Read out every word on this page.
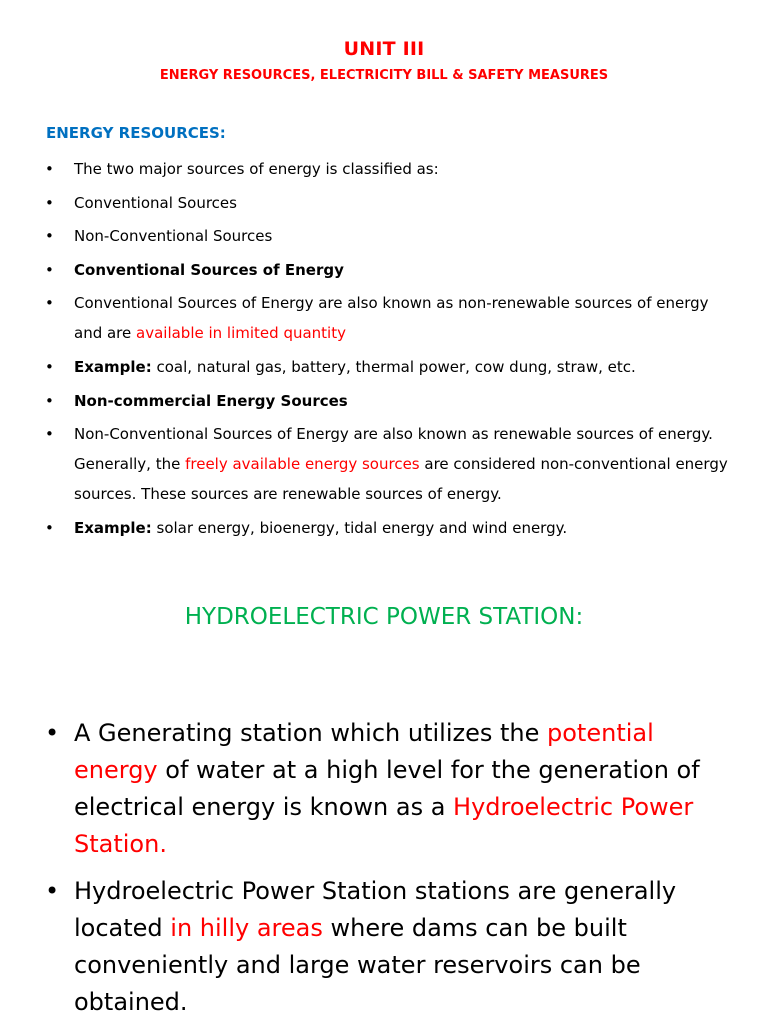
UNIT III
ENERGY RESOURCES, ELECTRICITY BILL & SAFETY MEASURES
ENERGY RESOURCES:
• The two major sources of energy is classified as:
• Conventional Sources
• Non-Conventional Sources
• Conventional Sources of Energy
• Conventional Sources of Energy are also known as non-renewable sources of energy and are available in limited quantity
• Example: coal, natural gas, battery, thermal power, cow dung, straw, etc.
• Non-commercial Energy Sources
• Non-Conventional Sources of Energy are also known as renewable sources of energy. Generally, the freely available energy sources are considered non-conventional energy sources. These sources are renewable sources of energy.
• Example: solar energy, bioenergy, tidal energy and wind energy.
HYDROELECTRIC POWER STATION:
• A Generating station which utilizes the potential energy of water at a high level for the generation of electrical energy is known as a Hydroelectric Power Station.
• Hydroelectric Power Station stations are generally located in hilly areas where dams can be built conveniently and large water reservoirs can be obtained.
